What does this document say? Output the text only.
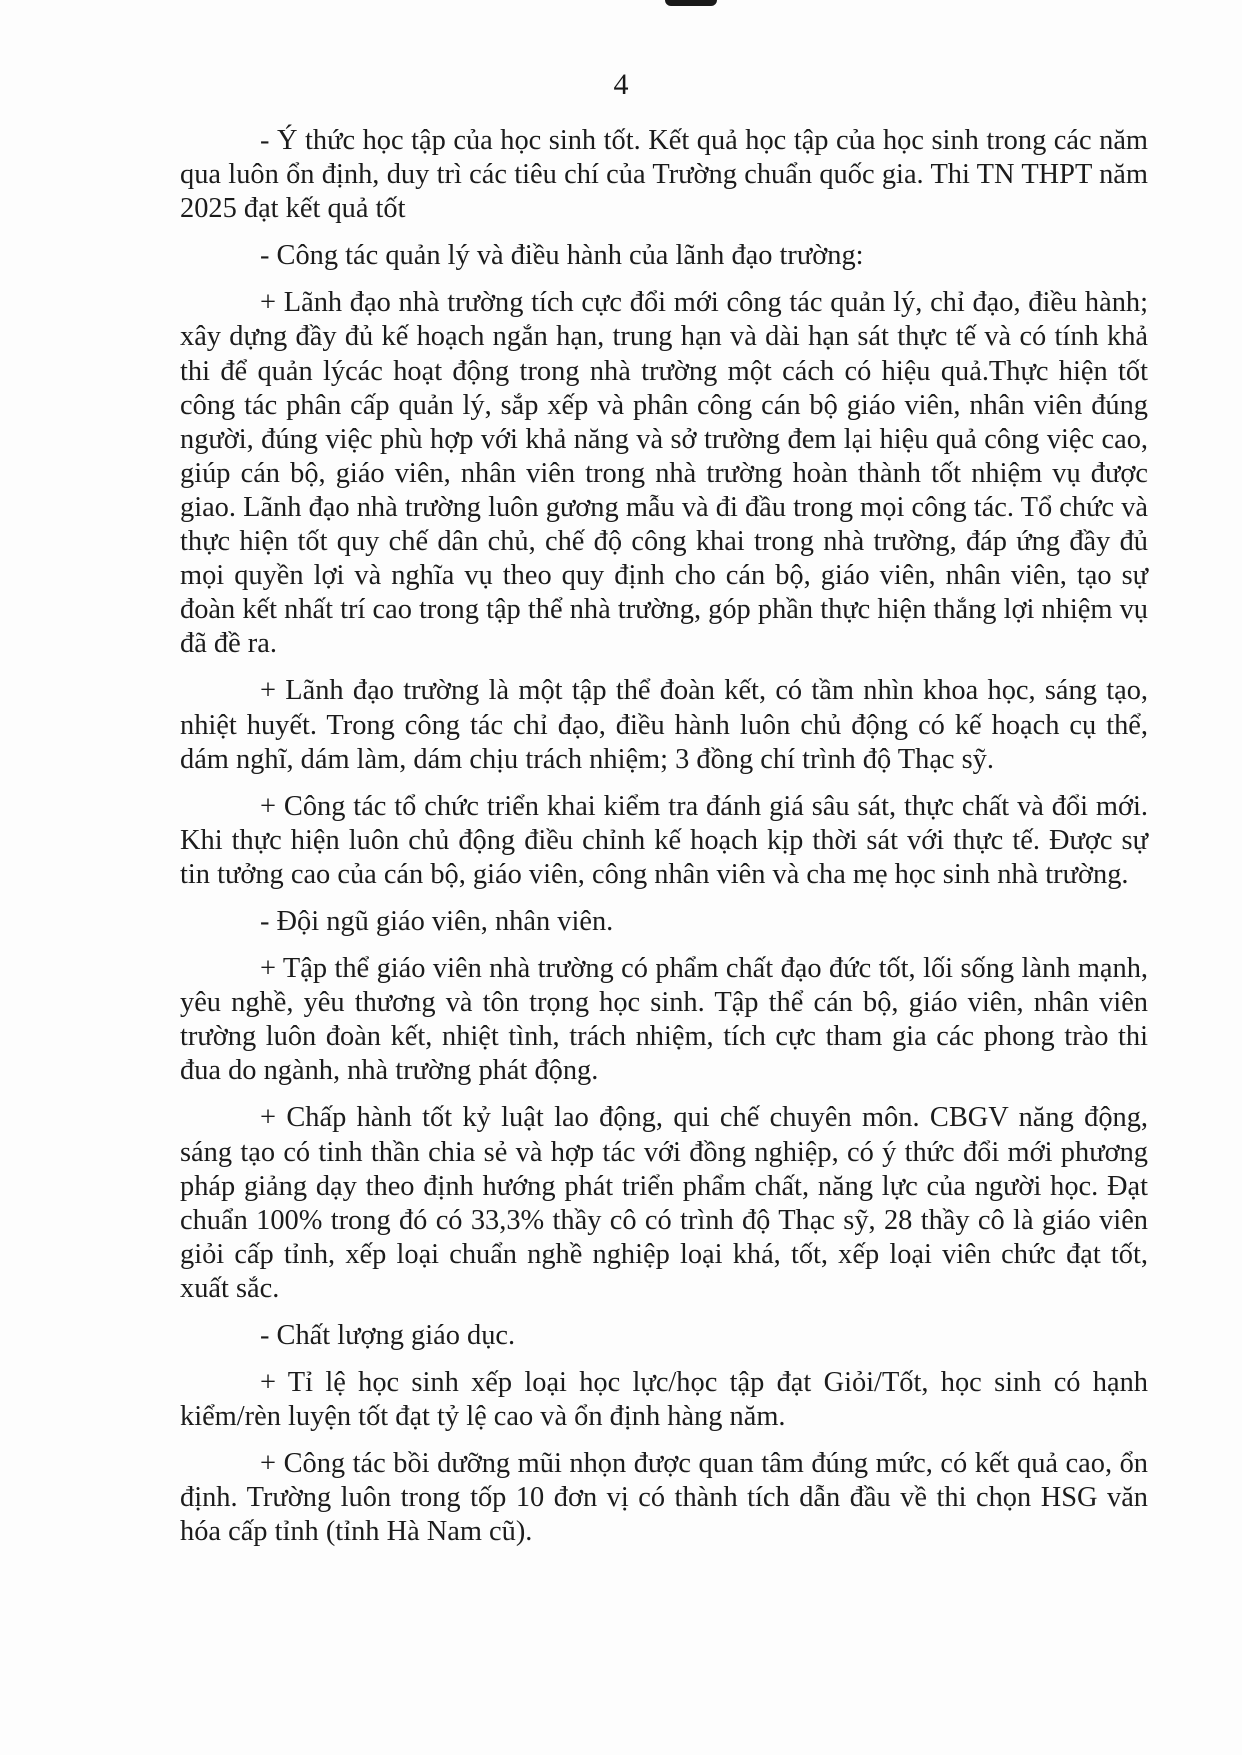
4

- Ý thức học tập của học sinh tốt. Kết quả học tập của học sinh trong các năm qua luôn ổn định, duy trì các tiêu chí của Trường chuẩn quốc gia. Thi TN THPT năm 2025 đạt kết quả tốt

- Công tác quản lý và điều hành của lãnh đạo trường:

+ Lãnh đạo nhà trường tích cực đổi mới công tác quản lý, chỉ đạo, điều hành; xây dựng đầy đủ kế hoạch ngắn hạn, trung hạn và dài hạn sát thực tế và có tính khả thi để quản lýcác hoạt động trong nhà trường một cách có hiệu quả.Thực hiện tốt công tác phân cấp quản lý, sắp xếp và phân công cán bộ giáo viên, nhân viên đúng người, đúng việc phù hợp với khả năng và sở trường đem lại hiệu quả công việc cao, giúp cán bộ, giáo viên, nhân viên trong nhà trường hoàn thành tốt nhiệm vụ được giao. Lãnh đạo nhà trường luôn gương mẫu và đi đầu trong mọi công tác. Tổ chức và thực hiện tốt quy chế dân chủ, chế độ công khai trong nhà trường, đáp ứng đầy đủ mọi quyền lợi và nghĩa vụ theo quy định cho cán bộ, giáo viên, nhân viên, tạo sự đoàn kết nhất trí cao trong tập thể nhà trường, góp phần thực hiện thắng lợi nhiệm vụ đã đề ra.

+ Lãnh đạo trường là một tập thể đoàn kết, có tầm nhìn khoa học, sáng tạo, nhiệt huyết. Trong công tác chỉ đạo, điều hành luôn chủ động có kế hoạch cụ thể, dám nghĩ, dám làm, dám chịu trách nhiệm; 3 đồng chí trình độ Thạc sỹ.

+ Công tác tổ chức triển khai kiểm tra đánh giá sâu sát, thực chất và đổi mới. Khi thực hiện luôn chủ động điều chỉnh kế hoạch kịp thời sát với thực tế. Được sự tin tưởng cao của cán bộ, giáo viên, công nhân viên và cha mẹ học sinh nhà trường.

- Đội ngũ giáo viên, nhân viên.

+ Tập thể giáo viên nhà trường có phẩm chất đạo đức tốt, lối sống lành mạnh, yêu nghề, yêu thương và tôn trọng học sinh. Tập thể cán bộ, giáo viên, nhân viên trường luôn đoàn kết, nhiệt tình, trách nhiệm, tích cực tham gia các phong trào thi đua do ngành, nhà trường phát động.

+ Chấp hành tốt kỷ luật lao động, qui chế chuyên môn. CBGV năng động, sáng tạo có tinh thần chia sẻ và hợp tác với đồng nghiệp, có ý thức đổi mới phương pháp giảng dạy theo định hướng phát triển phẩm chất, năng lực của người học. Đạt chuẩn 100% trong đó có 33,3% thầy cô có trình độ Thạc sỹ, 28 thầy cô là giáo viên giỏi cấp tỉnh, xếp loại chuẩn nghề nghiệp loại khá, tốt, xếp loại viên chức đạt tốt, xuất sắc.

- Chất lượng giáo dục.

+ Tỉ lệ học sinh xếp loại học lực/học tập đạt Giỏi/Tốt, học sinh có hạnh kiểm/rèn luyện tốt đạt tỷ lệ cao và ổn định hàng năm.

+ Công tác bồi dưỡng mũi nhọn được quan tâm đúng mức, có kết quả cao, ổn định. Trường luôn trong tốp 10 đơn vị có thành tích dẫn đầu về thi chọn HSG văn hóa cấp tỉnh (tỉnh Hà Nam cũ).
